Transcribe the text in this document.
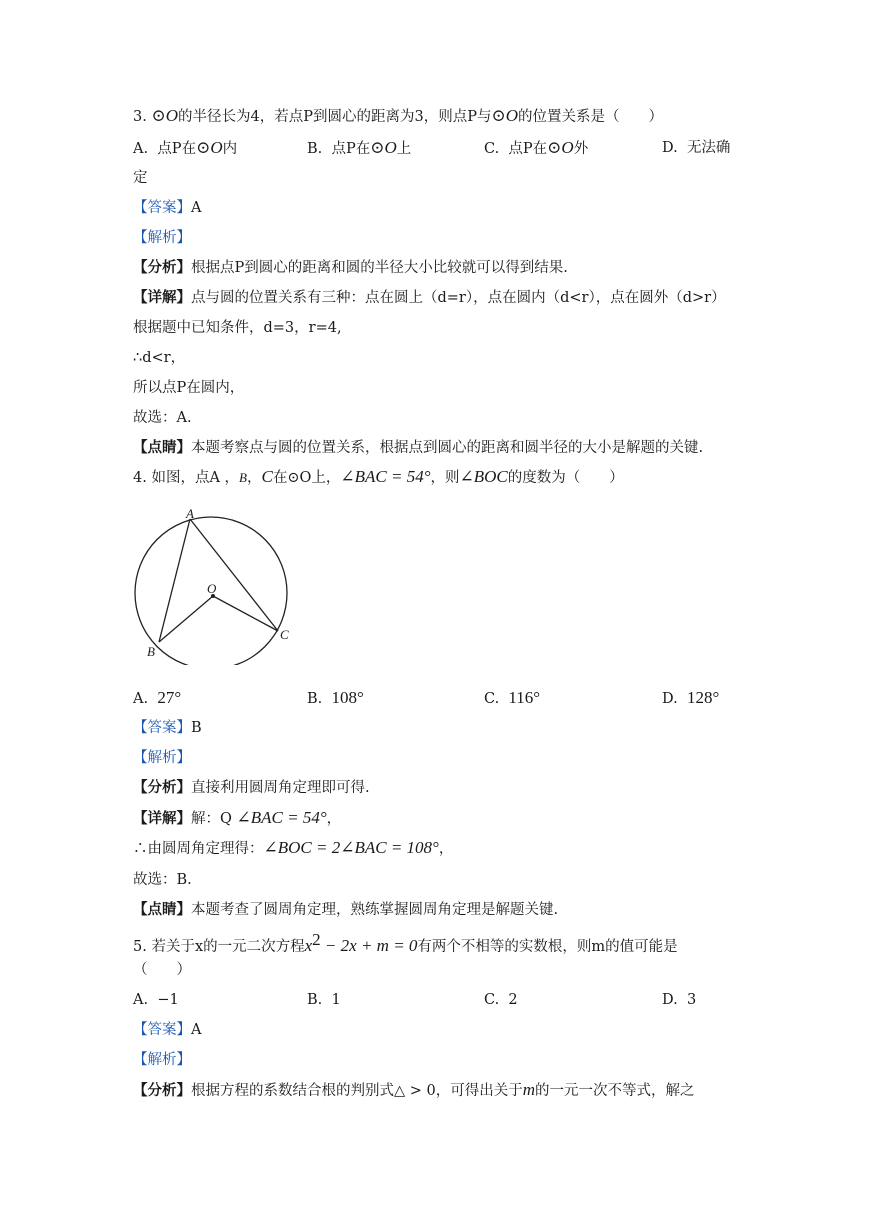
3. ⊙O的半径长为4，若点P到圆心的距离为3，则点P与⊙O的位置关系是（　　）
A. 点P在⊙O内	B. 点P在⊙O上	C. 点P在⊙O外	D. 无法确
定
【答案】A
【解析】
【分析】根据点P到圆心的距离和圆的半径大小比较就可以得到结果.
【详解】点与圆的位置关系有三种：点在圆上（d=r），点在圆内（d<r），点在圆外（d>r）
根据题中已知条件，d=3，r=4,
∴d<r，
所以点P在圆内，
故选：A.
【点睛】本题考察点与圆的位置关系，根据点到圆心的距离和圆半径的大小是解题的关键.
4. 如图，点A ，B，C在⊙O上，∠BAC = 54°，则∠BOC的度数为（　　）
A
O
C
B
A. 27°	B. 108°	C. 116°	D. 128°
【答案】B
【解析】
【分析】直接利用圆周角定理即可得.
【详解】解：Q ∠BAC = 54°，
∴由圆周角定理得：∠BOC = 2∠BAC = 108°，
故选：B.
【点睛】本题考查了圆周角定理，熟练掌握圆周角定理是解题关键.
5. 若关于x的一元二次方程$x^2 - 2x + m = 0$有两个不相等的实数根，则m的值可能是
（　　）
A. −1	B. 1	C. 2	D. 3
【答案】A
【解析】
【分析】根据方程的系数结合根的判别式△ > 0，可得出关于m的一元一次不等式，解之
